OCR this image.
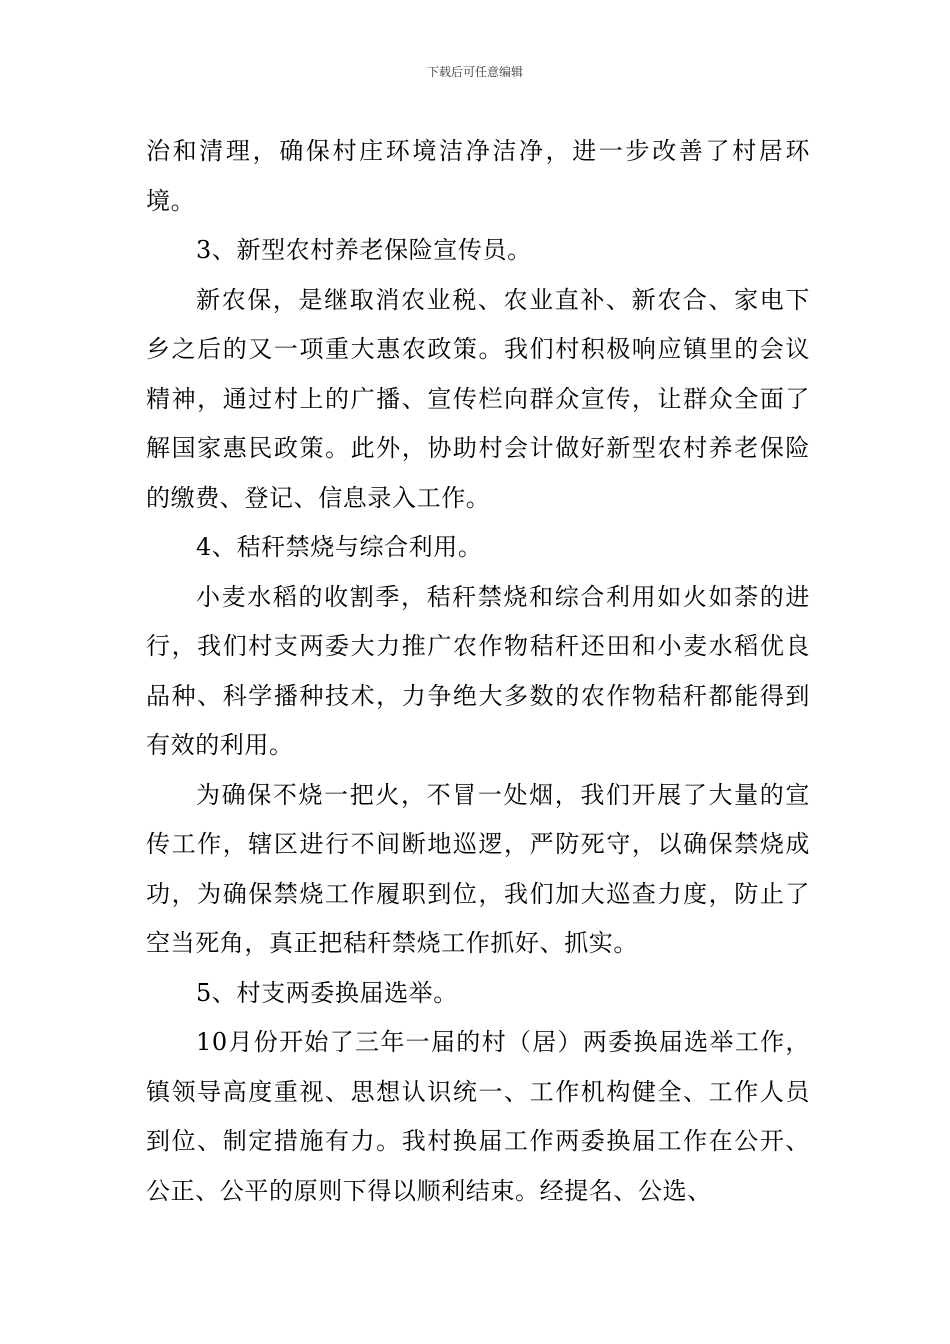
下载后可任意编辑

治和清理，确保村庄环境洁净洁净，进一步改善了村居环境。

3、新型农村养老保险宣传员。

新农保，是继取消农业税、农业直补、新农合、家电下乡之后的又一项重大惠农政策。我们村积极响应镇里的会议精神，通过村上的广播、宣传栏向群众宣传，让群众全面了解国家惠民政策。此外，协助村会计做好新型农村养老保险的缴费、登记、信息录入工作。

4、秸秆禁烧与综合利用。

小麦水稻的收割季，秸秆禁烧和综合利用如火如荼的进行，我们村支两委大力推广农作物秸秆还田和小麦水稻优良品种、科学播种技术，力争绝大多数的农作物秸秆都能得到有效的利用。

为确保不烧一把火，不冒一处烟，我们开展了大量的宣传工作，辖区进行不间断地巡逻，严防死守，以确保禁烧成功，为确保禁烧工作履职到位，我们加大巡查力度，防止了空当死角，真正把秸秆禁烧工作抓好、抓实。

5、村支两委换届选举。

10月份开始了三年一届的村（居）两委换届选举工作，镇领导高度重视、思想认识统一、工作机构健全、工作人员到位、制定措施有力。我村换届工作两委换届工作在公开、公正、公平的原则下得以顺利结束。经提名、公选、
